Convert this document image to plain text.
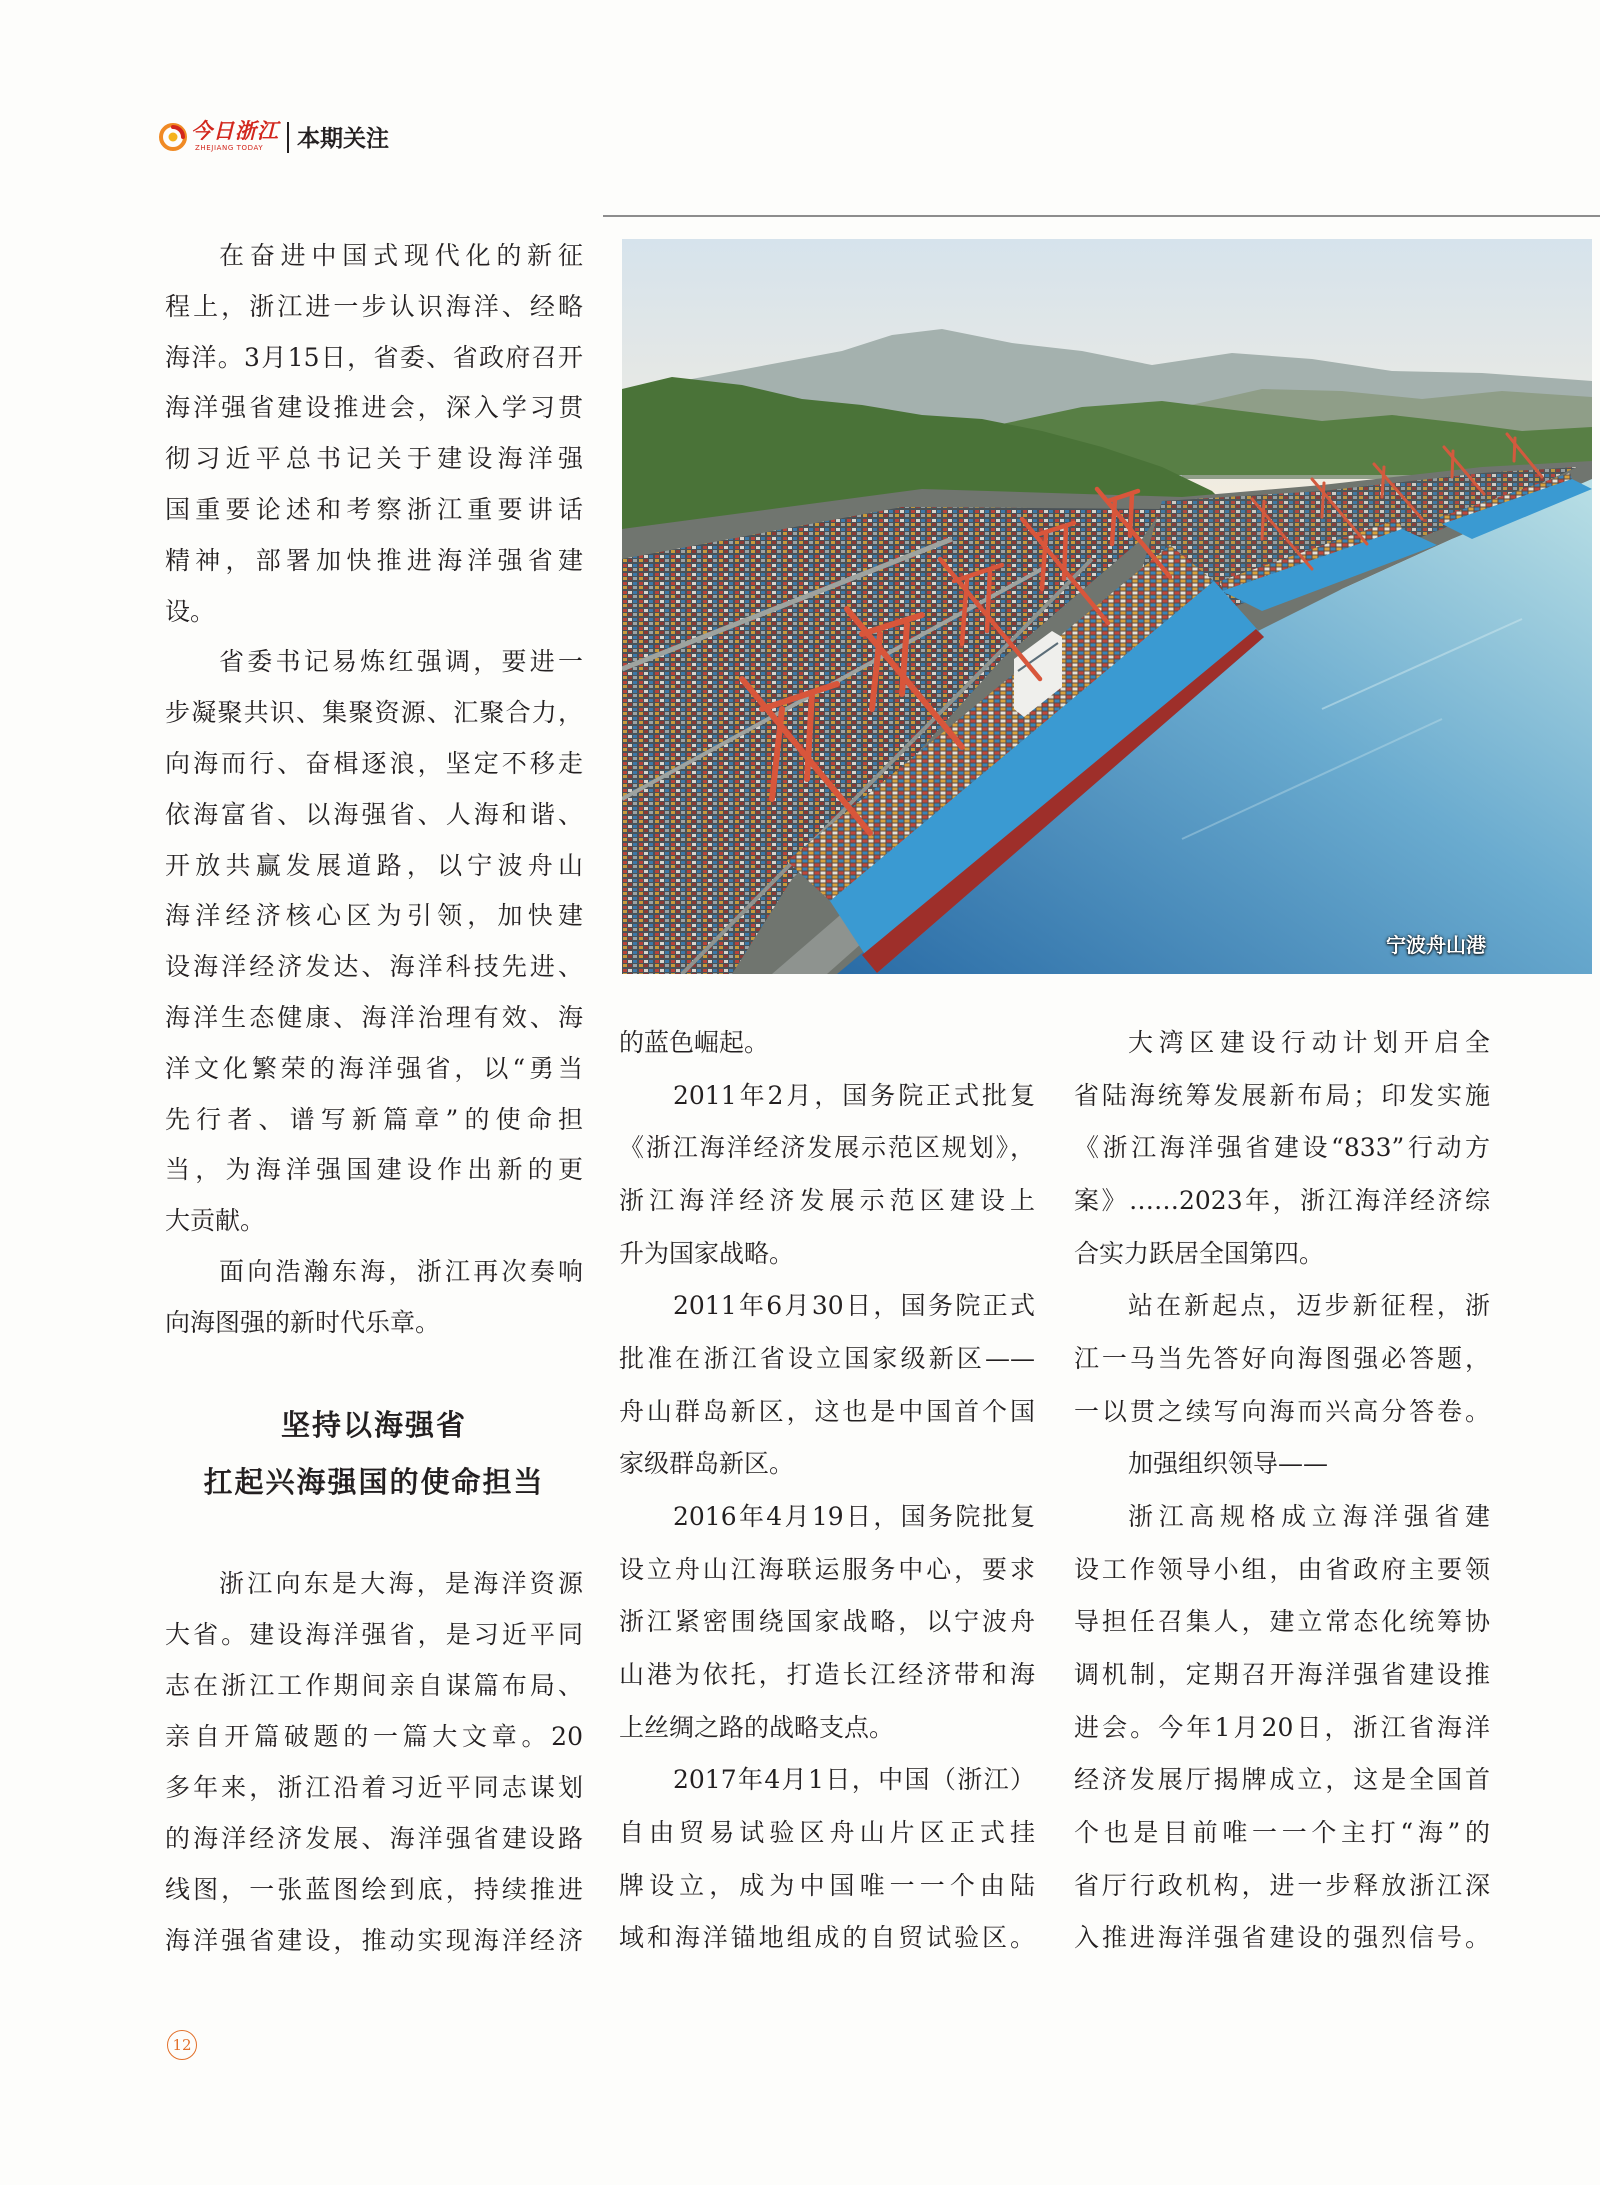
今日浙江
ZHEJIANG TODAY 本期关注
宁波舟山港
在奋进中国式现代化的新征
程上，浙江进一步认识海洋、经略
海洋。3月15日，省委、省政府召开
海洋强省建设推进会，深入学习贯
彻习近平总书记关于建设海洋强
国重要论述和考察浙江重要讲话
精神，部署加快推进海洋强省建
设。
省委书记易炼红强调，要进一
步凝聚共识、集聚资源、汇聚合力，
向海而行、奋楫逐浪，坚定不移走
依海富省、以海强省、人海和谐、
开放共赢发展道路，以宁波舟山
海洋经济核心区为引领，加快建
设海洋经济发达、海洋科技先进、
海洋生态健康、海洋治理有效、海
洋文化繁荣的海洋强省，以“勇当
先行者、谱写新篇章”的使命担
当，为海洋强国建设作出新的更
大贡献。
面向浩瀚东海，浙江再次奏响
向海图强的新时代乐章。
坚持以海强省
扛起兴海强国的使命担当
浙江向东是大海，是海洋资源
大省。建设海洋强省，是习近平同
志在浙江工作期间亲自谋篇布局、
亲自开篇破题的一篇大文章。20
多年来，浙江沿着习近平同志谋划
的海洋经济发展、海洋强省建设路
线图，一张蓝图绘到底，持续推进
海洋强省建设，推动实现海洋经济
的蓝色崛起。
2011年2月，国务院正式批复
《浙江海洋经济发展示范区规划》，
浙江海洋经济发展示范区建设上
升为国家战略。
2011年6月30日，国务院正式
批准在浙江省设立国家级新区——
舟山群岛新区，这也是中国首个国
家级群岛新区。
2016年4月19日，国务院批复
设立舟山江海联运服务中心，要求
浙江紧密围绕国家战略，以宁波舟
山港为依托，打造长江经济带和海
上丝绸之路的战略支点。
2017年4月1日，中国（浙江）
自由贸易试验区舟山片区正式挂
牌设立，成为中国唯一一个由陆
域和海洋锚地组成的自贸试验区。
大湾区建设行动计划开启全
省陆海统筹发展新布局；印发实施
《浙江海洋强省建设“833”行动方
案》……2023年，浙江海洋经济综
合实力跃居全国第四。
站在新起点，迈步新征程，浙
江一马当先答好向海图强必答题，
一以贯之续写向海而兴高分答卷。
加强组织领导——
浙江高规格成立海洋强省建
设工作领导小组，由省政府主要领
导担任召集人，建立常态化统筹协
调机制，定期召开海洋强省建设推
进会。今年1月20日，浙江省海洋
经济发展厅揭牌成立，这是全国首
个也是目前唯一一个主打“海”的
省厅行政机构，进一步释放浙江深
入推进海洋强省建设的强烈信号。
12
